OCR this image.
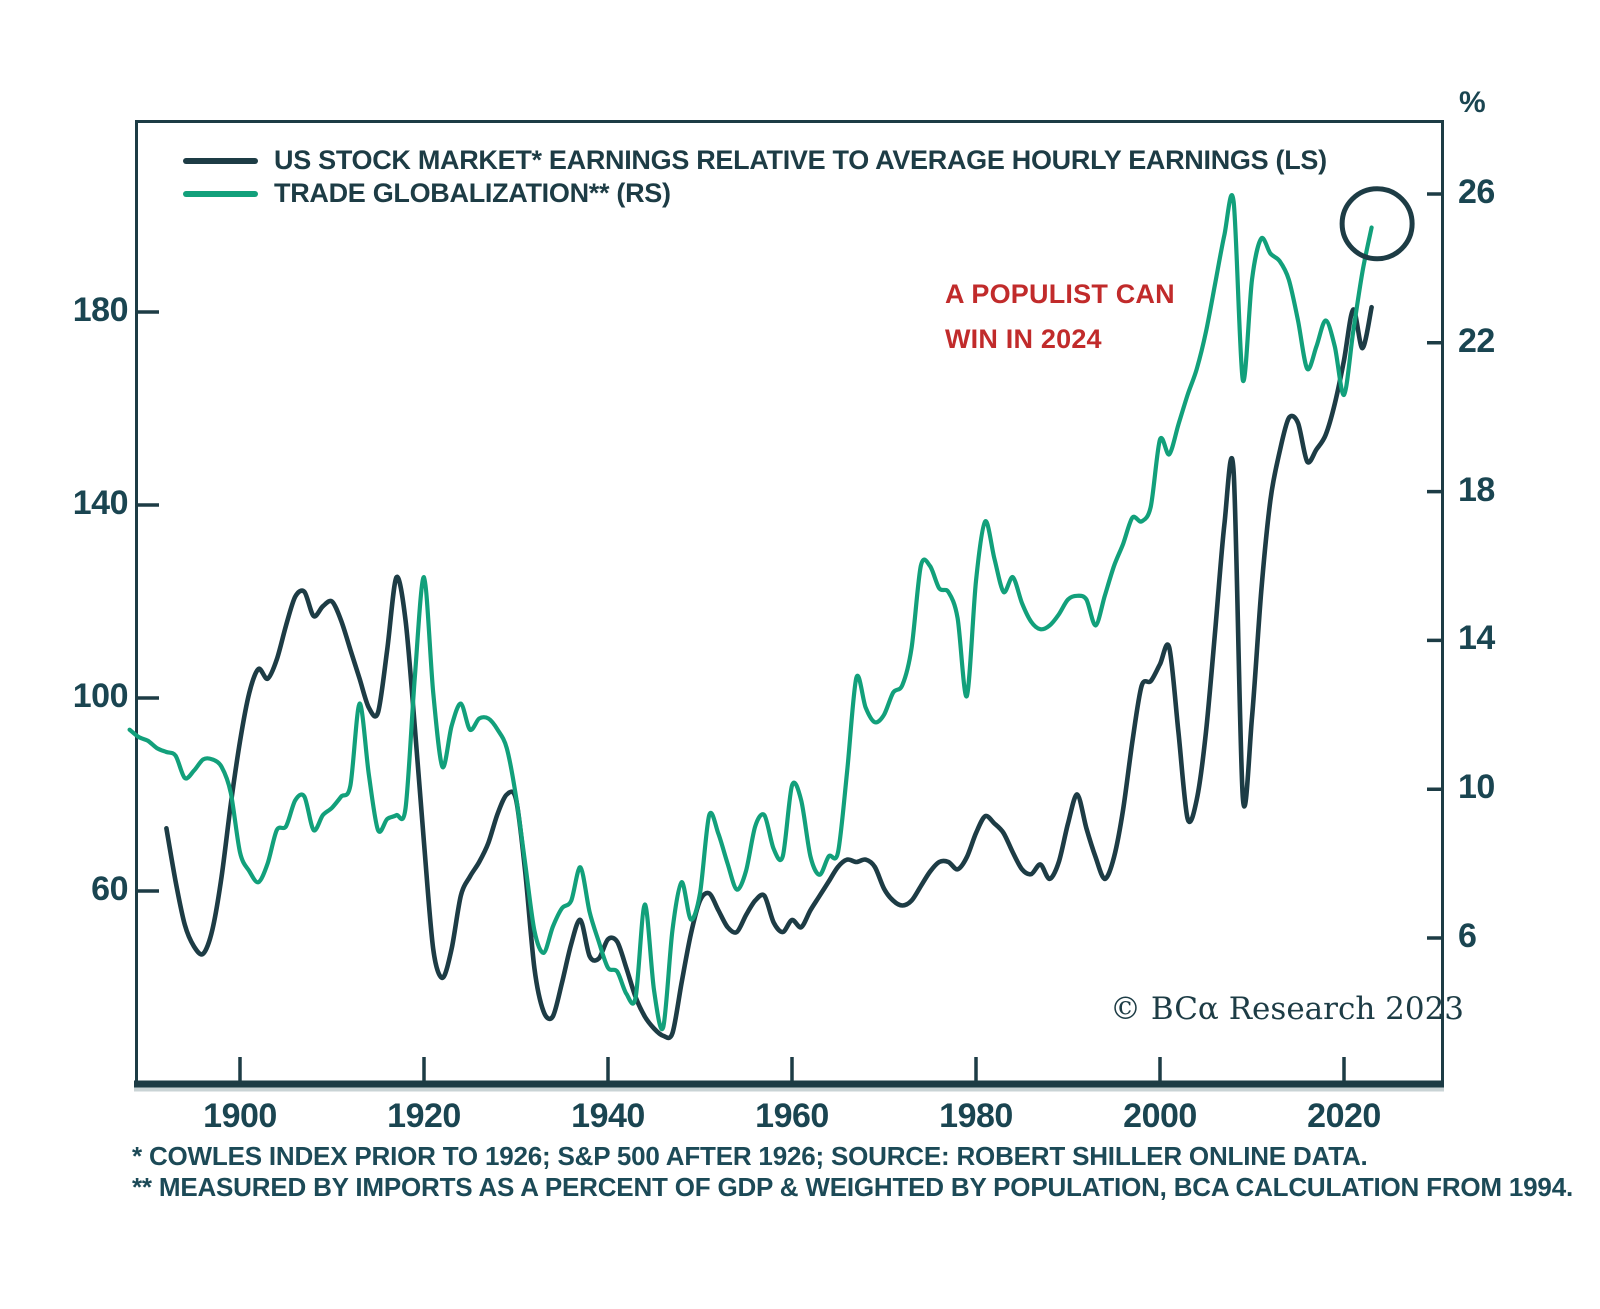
US STOCK MARKET* EARNINGS RELATIVE TO AVERAGE HOURLY EARNINGS (LS)
TRADE GLOBALIZATION** (RS)
%
A POPULIST CAN
WIN IN 2024
© BCα Research 2023
* COWLES INDEX PRIOR TO 1926; S&P 500 AFTER 1926; SOURCE: ROBERT SHILLER ONLINE DATA.
** MEASURED BY IMPORTS AS A PERCENT OF GDP & WEIGHTED BY POPULATION, BCA CALCULATION FROM 1994.
1900	1920	1940	1960	1980	2000	2020
180
140
100
60
26
22
18
14
10
6
